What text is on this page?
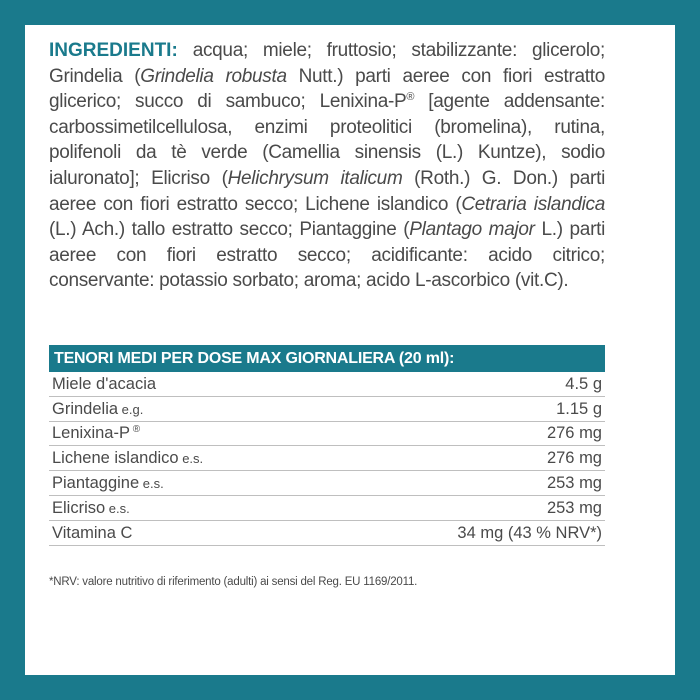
INGREDIENTI: acqua; miele; fruttosio; stabilizzante: glicerolo; Grindelia (Grindelia robusta Nutt.) parti aeree con fiori estratto glicerico; succo di sambuco; Lenixina-P® [agente addensante: carbossimetilcellulosa, enzimi proteolitici (bromelina), rutina, polifenoli da tè verde (Camellia sinensis (L.) Kuntze), sodio ialuronato]; Elicriso (Helichrysum italicum (Roth.) G. Don.) parti aeree con fiori estratto secco; Lichene islandico (Cetraria islandica (L.) Ach.) tallo estratto secco; Piantaggine (Plantago major L.) parti aeree con fiori estratto secco; acidificante: acido citrico; conservante: potassio sorbato; aroma; acido L-ascorbico (vit.C).
TENORI MEDI PER DOSE MAX GIORNALIERA (20 ml):
Miele d'acacia	4.5 g
Grindelia e.g.	1.15 g
Lenixina-P ®	276 mg
Lichene islandico e.s.	276 mg
Piantaggine e.s.	253 mg
Elicriso e.s.	253 mg
Vitamina C	34 mg (43 % NRV*)
*NRV: valore nutritivo di riferimento (adulti) ai sensi del Reg. EU 1169/2011.
